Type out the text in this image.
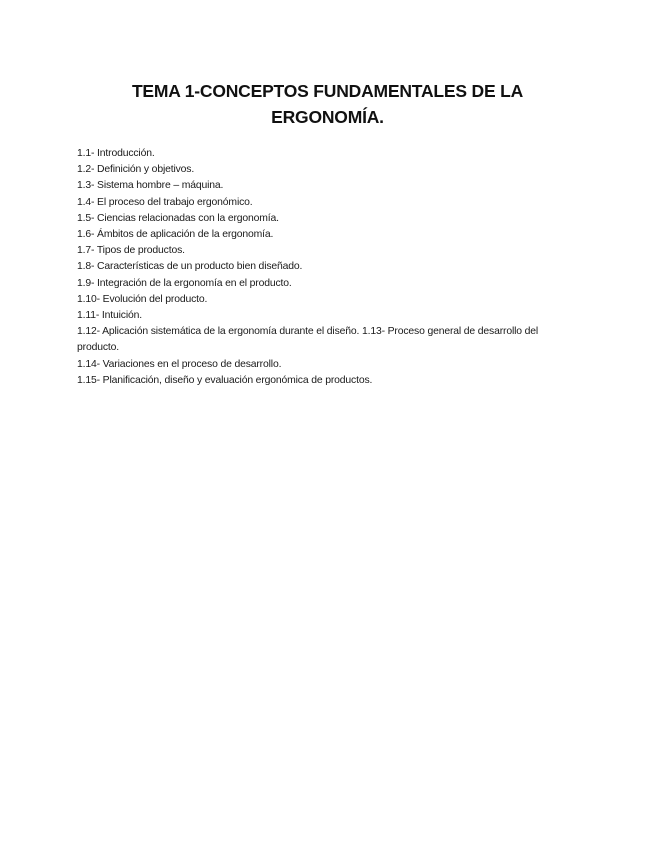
TEMA 1-CONCEPTOS FUNDAMENTALES DE LA ERGONOMÍA.
1.1- Introducción.
1.2- Definición y objetivos.
1.3- Sistema hombre – máquina.
1.4- El proceso del trabajo ergonómico.
1.5- Ciencias relacionadas con la ergonomía.
1.6- Ámbitos de aplicación de la ergonomía.
1.7- Tipos de productos.
1.8- Características de un producto bien diseñado.
1.9- Integración de la ergonomía en el producto.
1.10- Evolución del producto.
1.11- Intuición.
1.12- Aplicación sistemática de la ergonomía durante el diseño. 1.13- Proceso general de desarrollo del producto.
1.14- Variaciones en el proceso de desarrollo.
1.15- Planificación, diseño y evaluación ergonómica de productos.
